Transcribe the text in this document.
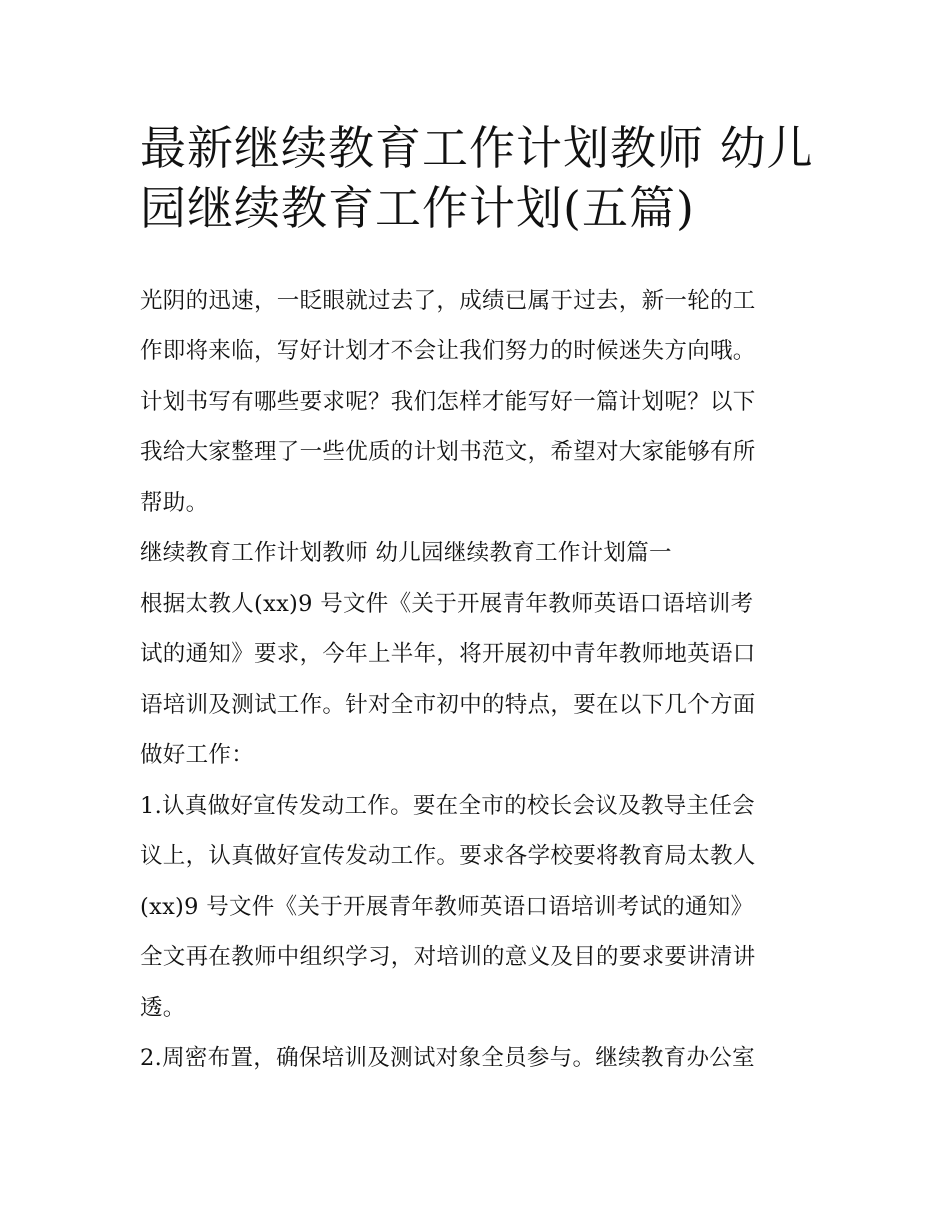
最新继续教育工作计划教师 幼儿园继续教育工作计划(五篇)
光阴的迅速，一眨眼就过去了，成绩已属于过去，新一轮的工
作即将来临，写好计划才不会让我们努力的时候迷失方向哦。
计划书写有哪些要求呢？我们怎样才能写好一篇计划呢？以下
我给大家整理了一些优质的计划书范文，希望对大家能够有所
帮助。
继续教育工作计划教师 幼儿园继续教育工作计划篇一
根据太教人(xx)9 号文件《关于开展青年教师英语口语培训考
试的通知》要求，今年上半年，将开展初中青年教师地英语口
语培训及测试工作。针对全市初中的特点，要在以下几个方面
做好工作：
1.认真做好宣传发动工作。要在全市的校长会议及教导主任会
议上，认真做好宣传发动工作。要求各学校要将教育局太教人
(xx)9 号文件《关于开展青年教师英语口语培训考试的通知》
全文再在教师中组织学习，对培训的意义及目的要求要讲清讲
透。
2.周密布置，确保培训及测试对象全员参与。继续教育办公室
